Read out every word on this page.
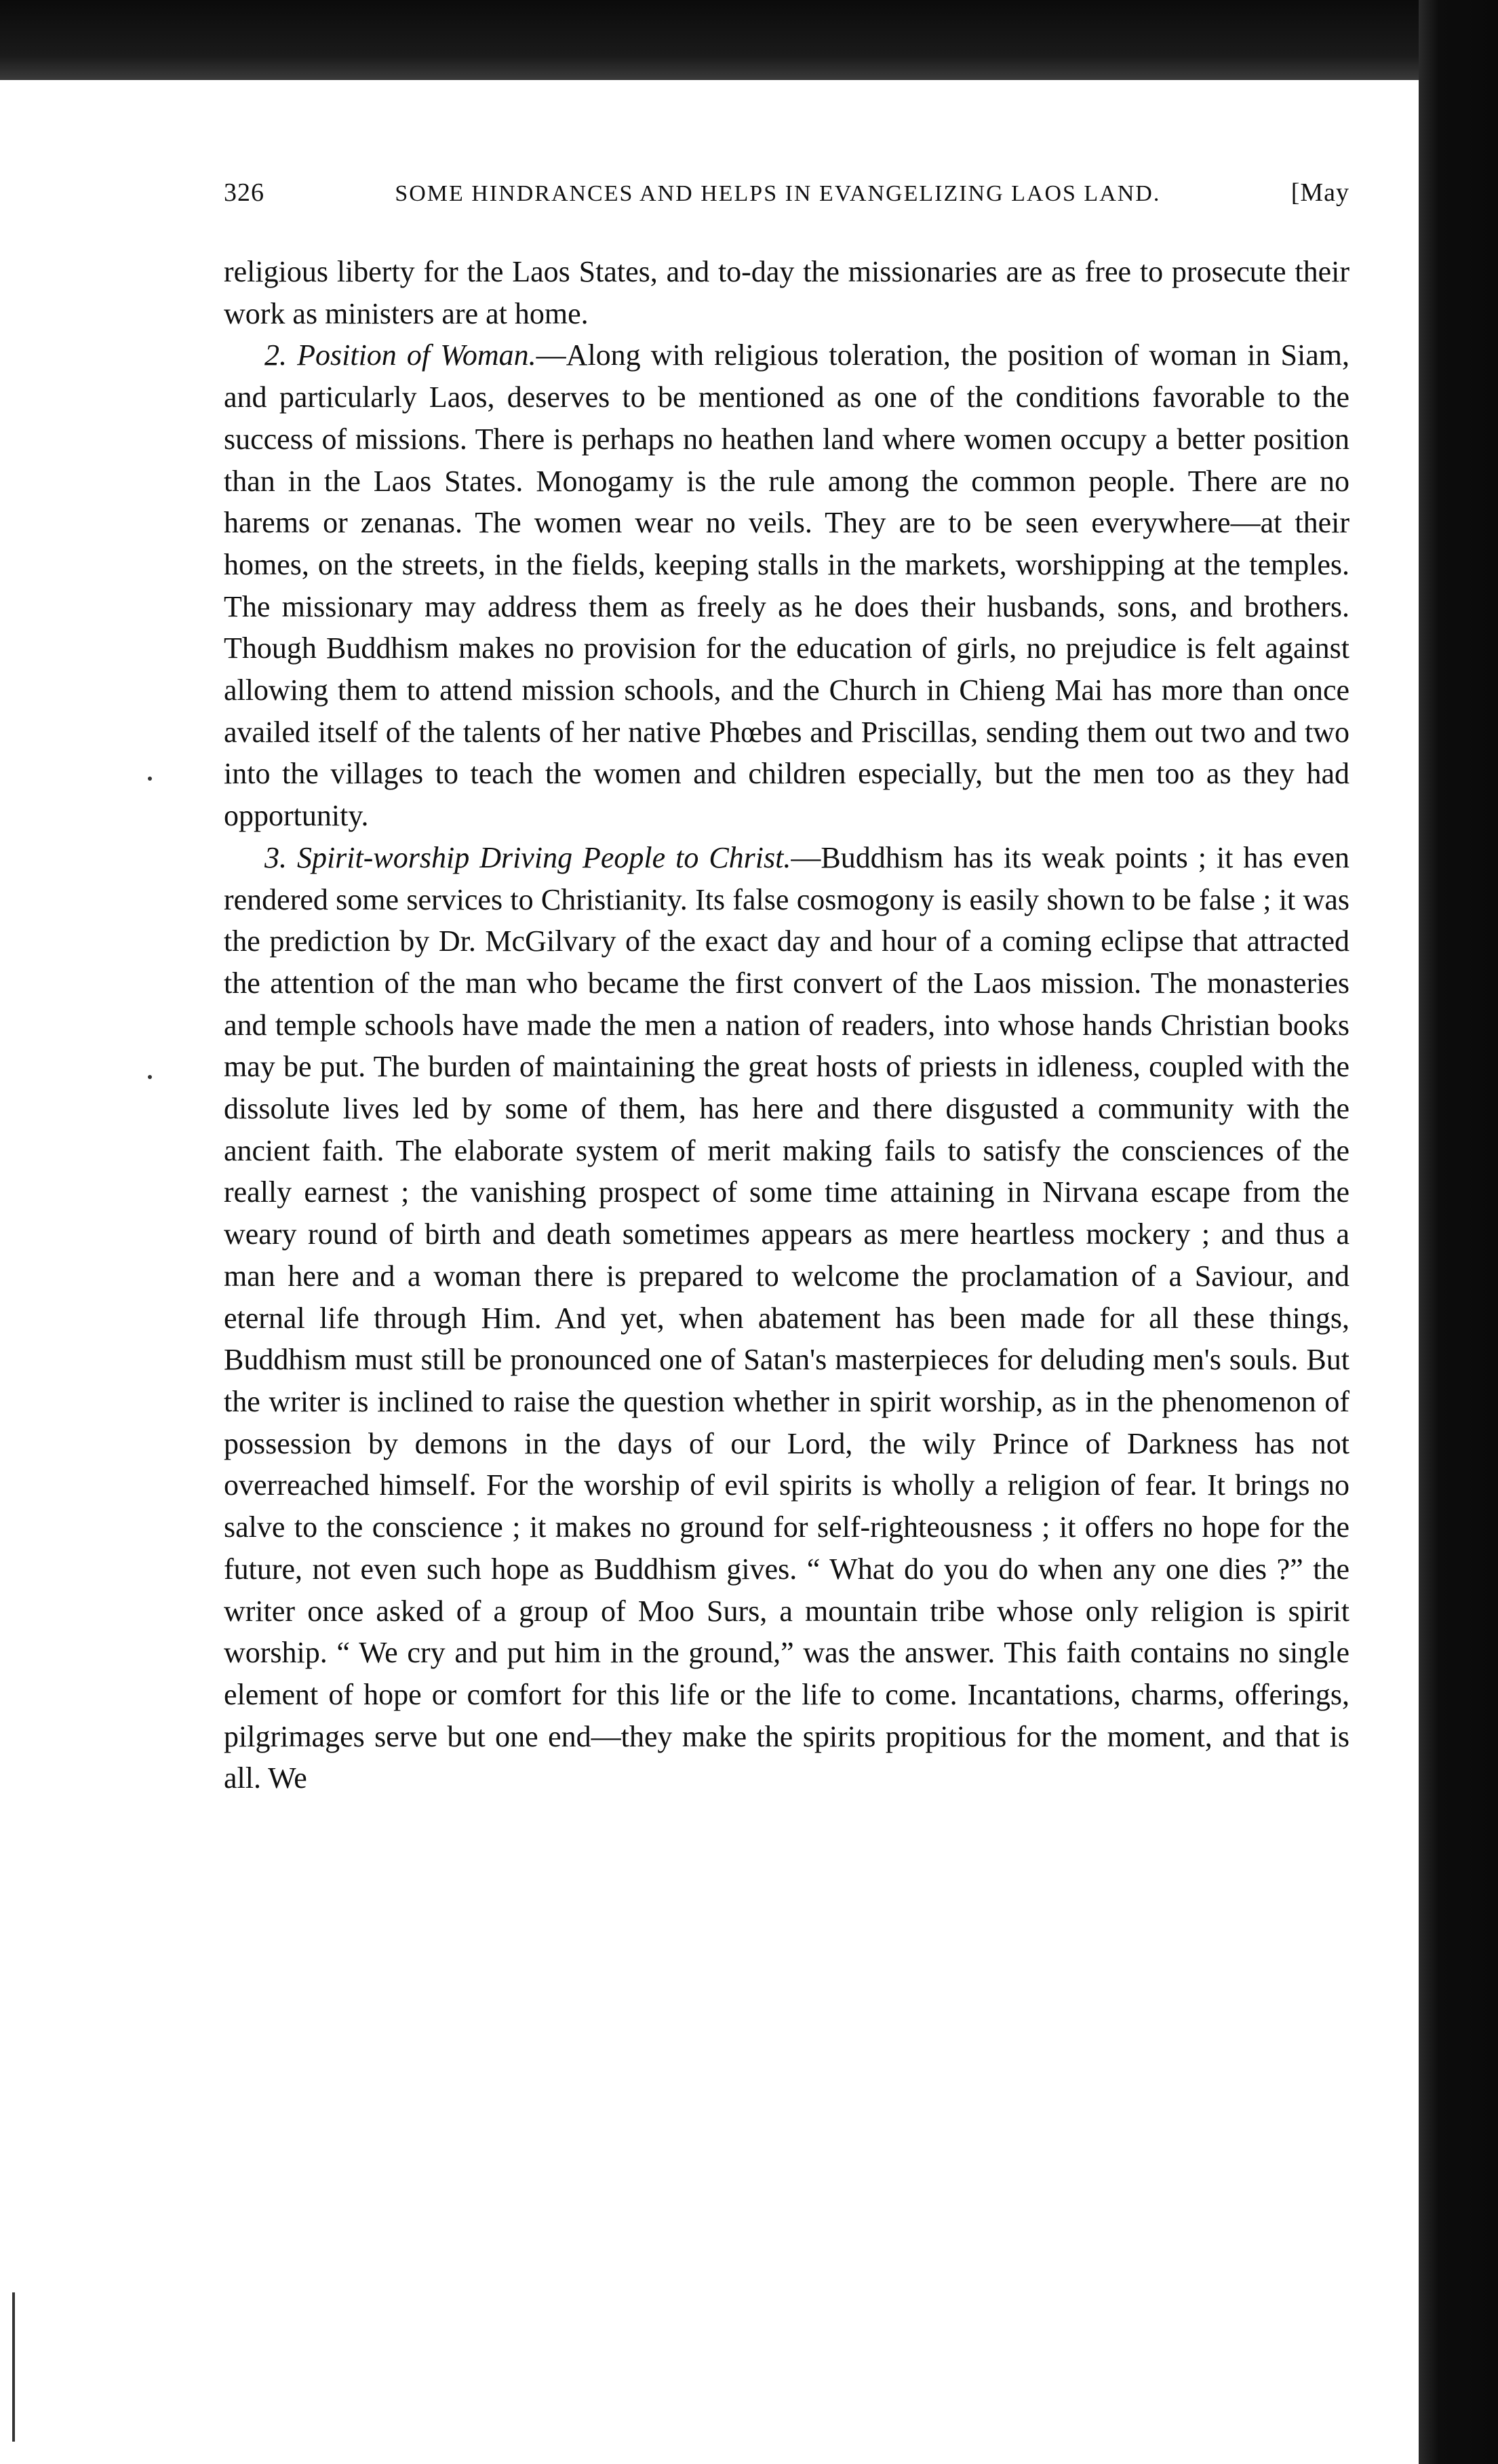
326	SOME HINDRANCES AND HELPS IN EVANGELIZING LAOS LAND.	[May

religious liberty for the Laos States, and to-day the missionaries are as free to prosecute their work as ministers are at home.

2. Position of Woman.—Along with religious toleration, the position of woman in Siam, and particularly Laos, deserves to be mentioned as one of the conditions favorable to the success of missions. There is perhaps no heathen land where women occupy a better position than in the Laos States. Monogamy is the rule among the common people. There are no harems or zenanas. The women wear no veils. They are to be seen everywhere—at their homes, on the streets, in the fields, keeping stalls in the markets, worshipping at the temples. The missionary may address them as freely as he does their husbands, sons, and brothers. Though Buddhism makes no provision for the education of girls, no prejudice is felt against allowing them to attend mission schools, and the Church in Chieng Mai has more than once availed itself of the talents of her native Phœbes and Priscillas, sending them out two and two into the villages to teach the women and children especially, but the men too as they had opportunity.

3. Spirit-worship Driving People to Christ.—Buddhism has its weak points ; it has even rendered some services to Christianity. Its false cosmogony is easily shown to be false ; it was the prediction by Dr. McGilvary of the exact day and hour of a coming eclipse that attracted the attention of the man who became the first convert of the Laos mission. The monasteries and temple schools have made the men a nation of readers, into whose hands Christian books may be put. The burden of maintaining the great hosts of priests in idleness, coupled with the dissolute lives led by some of them, has here and there disgusted a community with the ancient faith. The elaborate system of merit making fails to satisfy the consciences of the really earnest ; the vanishing prospect of some time attaining in Nirvana escape from the weary round of birth and death sometimes appears as mere heartless mockery ; and thus a man here and a woman there is prepared to welcome the proclamation of a Saviour, and eternal life through Him. And yet, when abatement has been made for all these things, Buddhism must still be pronounced one of Satan's masterpieces for deluding men's souls. But the writer is inclined to raise the question whether in spirit worship, as in the phenomenon of possession by demons in the days of our Lord, the wily Prince of Darkness has not overreached himself. For the worship of evil spirits is wholly a religion of fear. It brings no salve to the conscience ; it makes no ground for self-righteousness ; it offers no hope for the future, not even such hope as Buddhism gives. “ What do you do when any one dies ?” the writer once asked of a group of Moo Surs, a mountain tribe whose only religion is spirit worship. “ We cry and put him in the ground,” was the answer. This faith contains no single element of hope or comfort for this life or the life to come. Incantations, charms, offerings, pilgrimages serve but one end—they make the spirits propitious for the moment, and that is all. We
